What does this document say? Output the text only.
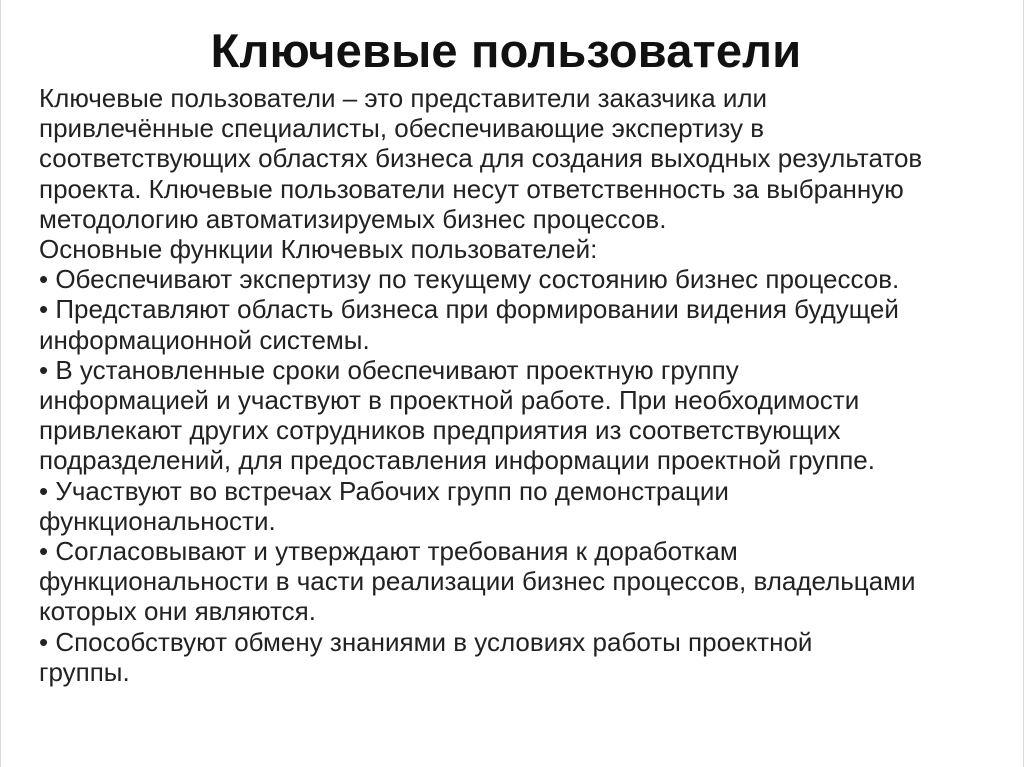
Ключевые пользователи
Ключевые пользователи – это представители заказчика или
привлечённые специалисты, обеспечивающие экспертизу в
соответствующих областях бизнеса для создания выходных результатов
проекта. Ключевые пользователи несут ответственность за выбранную
методологию автоматизируемых бизнес процессов.
Основные функции Ключевых пользователей:
• Обеспечивают экспертизу по текущему состоянию бизнес процессов.
• Представляют область бизнеса при формировании видения будущей
информационной системы.
• В установленные сроки обеспечивают проектную группу
информацией и участвуют в проектной работе. При необходимости
привлекают других сотрудников предприятия из соответствующих
подразделений, для предоставления информации проектной группе.
• Участвуют во встречах Рабочих групп по демонстрации
функциональности.
• Согласовывают и утверждают требования к доработкам
функциональности в части реализации бизнес процессов, владельцами
которых они являются.
• Способствуют обмену знаниями в условиях работы проектной
группы.
